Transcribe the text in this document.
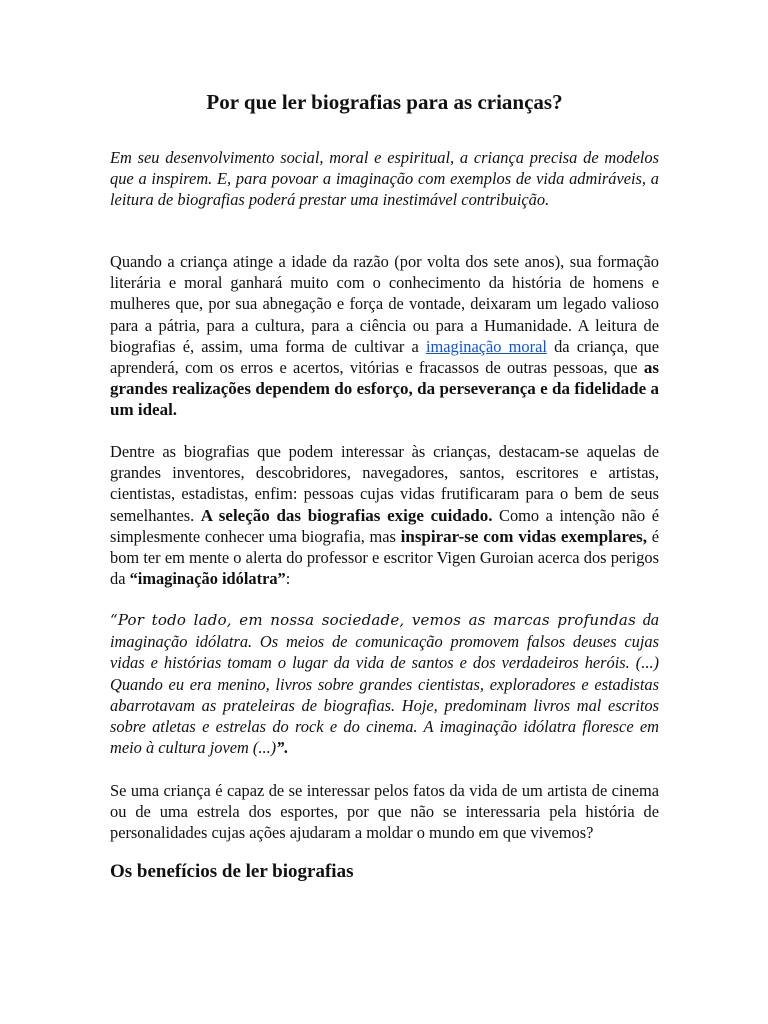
Por que ler biografias para as crianças?

Em seu desenvolvimento social, moral e espiritual, a criança precisa de modelos que a inspirem. E, para povoar a imaginação com exemplos de vida admiráveis, a leitura de biografias poderá prestar uma inestimável contribuição.

Quando a criança atinge a idade da razão (por volta dos sete anos), sua formação literária e moral ganhará muito com o conhecimento da história de homens e mulheres que, por sua abnegação e força de vontade, deixaram um legado valioso para a pátria, para a cultura, para a ciência ou para a Humanidade. A leitura de biografias é, assim, uma forma de cultivar a imaginação moral da criança, que aprenderá, com os erros e acertos, vitórias e fracassos de outras pessoas, que as grandes realizações dependem do esforço, da perseverança e da fidelidade a um ideal.

Dentre as biografias que podem interessar às crianças, destacam-se aquelas de grandes inventores, descobridores, navegadores, santos, escritores e artistas, cientistas, estadistas, enfim: pessoas cujas vidas frutificaram para o bem de seus semelhantes. A seleção das biografias exige cuidado. Como a intenção não é simplesmente conhecer uma biografia, mas inspirar-se com vidas exemplares, é bom ter em mente o alerta do professor e escritor Vigen Guroian acerca dos perigos da “imaginação idólatra”:

“Por todo lado, em nossa sociedade, vemos as marcas profundas da imaginação idólatra. Os meios de comunicação promovem falsos deuses cujas vidas e histórias tomam o lugar da vida de santos e dos verdadeiros heróis. (...) Quando eu era menino, livros sobre grandes cientistas, exploradores e estadistas abarrotavam as prateleiras de biografias. Hoje, predominam livros mal escritos sobre atletas e estrelas do rock e do cinema. A imaginação idólatra floresce em meio à cultura jovem (...)”.

Se uma criança é capaz de se interessar pelos fatos da vida de um artista de cinema ou de uma estrela dos esportes, por que não se interessaria pela história de personalidades cujas ações ajudaram a moldar o mundo em que vivemos?

Os benefícios de ler biografias
